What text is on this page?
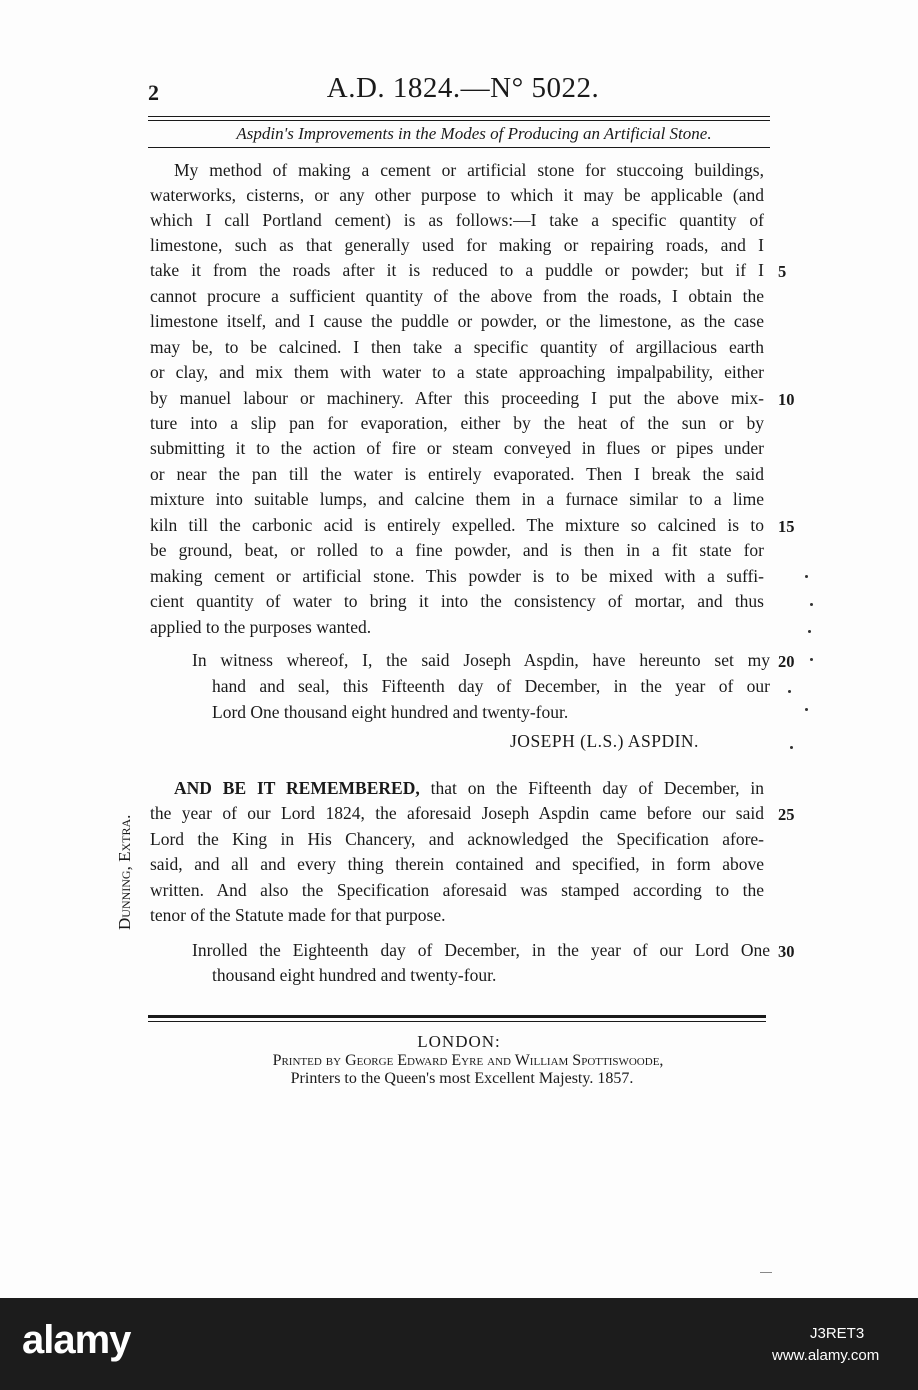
2	A.D. 1824.—N° 5022.
Aspdin's Improvements in the Modes of Producing an Artificial Stone.
My method of making a cement or artificial stone for stuccoing buildings,
waterworks, cisterns, or any other purpose to which it may be applicable (and
which I call Portland cement) is as follows:—I take a specific quantity of
limestone, such as that generally used for making or repairing roads, and I
take it from the roads after it is reduced to a puddle or powder; but if I
cannot procure a sufficient quantity of the above from the roads, I obtain the
limestone itself, and I cause the puddle or powder, or the limestone, as the case
may be, to be calcined. I then take a specific quantity of argillacious earth
or clay, and mix them with water to a state approaching impalpability, either
by manuel labour or machinery. After this proceeding I put the above mix-
ture into a slip pan for evaporation, either by the heat of the sun or by
submitting it to the action of fire or steam conveyed in flues or pipes under
or near the pan till the water is entirely evaporated. Then I break the said
mixture into suitable lumps, and calcine them in a furnace similar to a lime
kiln till the carbonic acid is entirely expelled. The mixture so calcined is to
be ground, beat, or rolled to a fine powder, and is then in a fit state for
making cement or artificial stone. This powder is to be mixed with a suffi-
cient quantity of water to bring it into the consistency of mortar, and thus
applied to the purposes wanted.
In witness whereof, I, the said Joseph Aspdin, have hereunto set my
hand and seal, this Fifteenth day of December, in the year of our
Lord One thousand eight hundred and twenty-four.
JOSEPH (L.S.) ASPDIN.
AND BE IT REMEMBERED, that on the Fifteenth day of December, in
the year of our Lord 1824, the aforesaid Joseph Aspdin came before our said
Lord the King in His Chancery, and acknowledged the Specification afore-
said, and all and every thing therein contained and specified, in form above
written. And also the Specification aforesaid was stamped according to the
tenor of the Statute made for that purpose.
Inrolled the Eighteenth day of December, in the year of our Lord One
thousand eight hundred and twenty-four.
5
10
15
20
25
30
Dunning, Extra.
LONDON:
Printed by George Edward Eyre and William Spottiswoode,
Printers to the Queen's most Excellent Majesty. 1857.
alamy	J3RET3
www.alamy.com
